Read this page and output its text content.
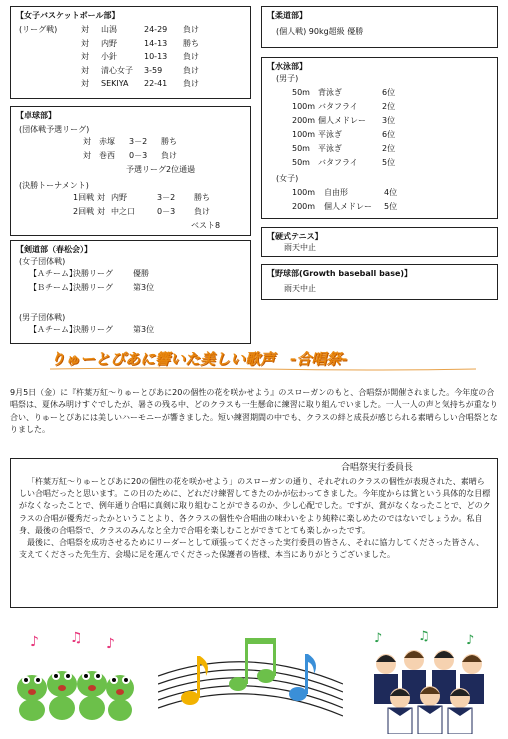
【女子バスケットボール部】
(リーグ戦)	対 山潟	24-29 負け
対 内野	14-13 勝ち
対 小針	10-13 負け
対 清心女子 3-59	負け
対 SEKIYA 22-41 負け
【柔道部】
(個人戦) 90kg超級 優勝
【水泳部】
(男子)
50m 背泳ぎ	6位
100m バタフライ	2位
200m 個人メドレー 3位
100m 平泳ぎ	6位
50m 平泳ぎ	2位
50m バタフライ	5位
(女子)
100m 自由形	4位
200m 個人メドレー 5位
【卓球部】
(団体戦予選リーグ)
対 赤塚 3－2 勝ち
対 巻西 0－3 負け
予選リーグ2位通過
(決勝トーナメント)
1回戦 対 内野	3－2 勝ち
2回戦 対 中之口	0－3 負け
ベスト8
【硬式テニス】
雨天中止
【剣道部（春松会）】
(女子団体戦)
【Ａチーム】
決勝リーグ	優勝
【Ｂチーム】
決勝リーグ	第3位
(男子団体戦)
【Ａチーム】
決勝リーグ	第3位
【野球部(Growth baseball base)】
雨天中止
りゅーとぴあに響いた美しい歌声　-合唱祭-
9月5日（金）に『杵葉万紅〜りゅーとぴあに20の個性の花を咲かせよう』のスローガンのもと、合唱祭が開催されました。今年度の合唱祭は、夏休み明けすぐでしたが、暑さの残る中、どのクラスも一生懸命に練習に取り組んでいました。一人一人の声と気持ちが重なり合い、りゅーとぴあには美しいハーモニーが響きました。短い練習期間の中でも、クラスの絆と成長が感じられる素晴らしい合唱祭となりました。
合唱祭実行委員長
「杵葉万紅〜りゅーとぴあに20の個性の花を咲かせよう」のスローガンの通り、それぞれのクラスの個性が表現された、素晴らしい合唱だったと思います。この日のために、どれだけ練習してきたのかが伝わってきました。今年度からは賞という具体的な目標がなくなったことで、例年通り合唱に真剣に取り組むことができるのか、少し心配でした。ですが、賞がなくなったことで、どのクラスの合唱が優秀だったかということより、各クラスの個性や合唱曲の味わいをより純粋に楽しめたのではないでしょうか。私自身、最後の合唱祭で、クラスのみんなと全力で合唱を楽しむことができてとても楽しかったです。
最後に、合唱祭を成功させるためにリーダーとして頑張ってくださった実行委員の皆さん、それに協力してくださった皆さん、支えてくださった先生方、会場に足を運んでくださった保護者の皆様、本当にありがとうございました。
♪ ♫ ♪	♪	♫	♪
